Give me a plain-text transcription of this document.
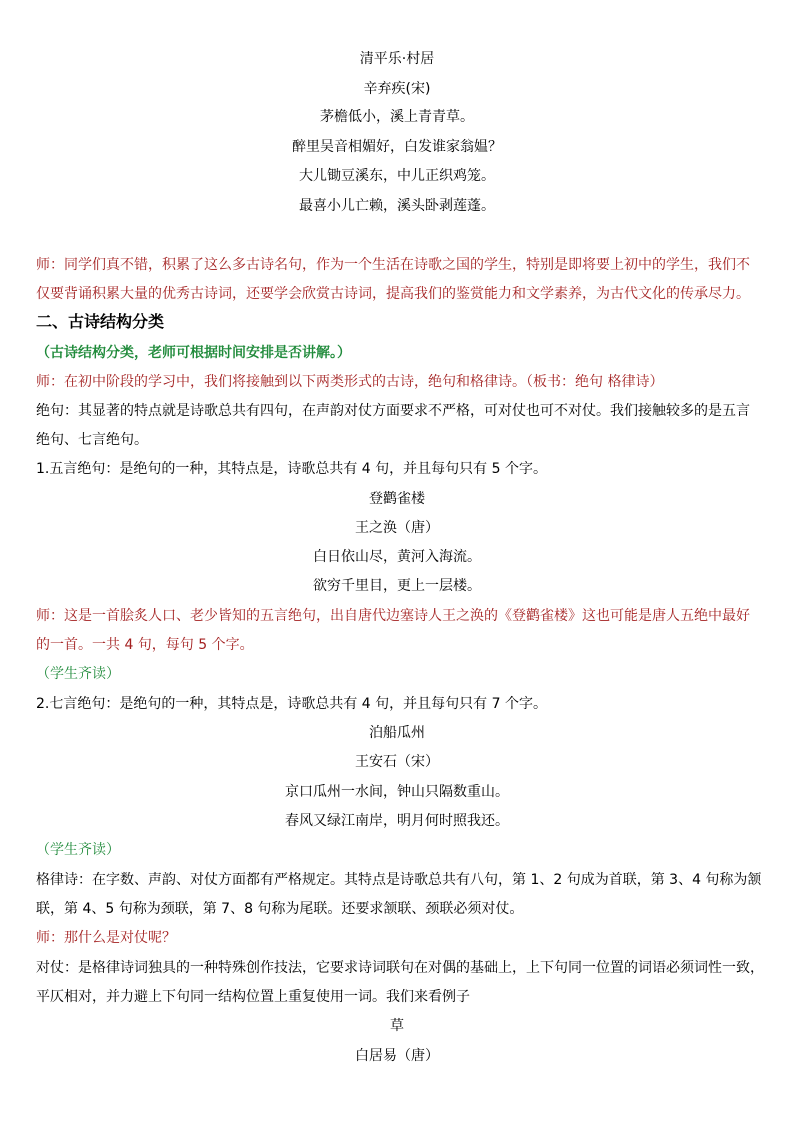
清平乐·村居
辛弃疾(宋)
茅檐低小，溪上青青草。
醉里吴音相媚好，白发谁家翁媪？
大儿锄豆溪东，中儿正织鸡笼。
最喜小儿亡赖，溪头卧剥莲蓬。
师：同学们真不错，积累了这么多古诗名句，作为一个生活在诗歌之国的学生，特别是即将要上初中的学生，我们不
仅要背诵积累大量的优秀古诗词，还要学会欣赏古诗词，提高我们的鉴赏能力和文学素养，为古代文化的传承尽力。
二、古诗结构分类
（古诗结构分类，老师可根据时间安排是否讲解。）
师：在初中阶段的学习中，我们将接触到以下两类形式的古诗，绝句和格律诗。（板书：绝句 格律诗）
绝句：其显著的特点就是诗歌总共有四句，在声韵对仗方面要求不严格，可对仗也可不对仗。我们接触较多的是五言
绝句、七言绝句。
1.五言绝句：是绝句的一种，其特点是，诗歌总共有 4 句，并且每句只有 5 个字。
登鹳雀楼
王之涣（唐）
白日依山尽，黄河入海流。
欲穷千里目，更上一层楼。
师：这是一首脍炙人口、老少皆知的五言绝句，出自唐代边塞诗人王之涣的《登鹳雀楼》这也可能是唐人五绝中最好
的一首。一共 4 句，每句 5 个字。
（学生齐读）
2.七言绝句：是绝句的一种，其特点是，诗歌总共有 4 句，并且每句只有 7 个字。
泊船瓜州
王安石（宋）
京口瓜州一水间，钟山只隔数重山。
春风又绿江南岸，明月何时照我还。
（学生齐读）
格律诗：在字数、声韵、对仗方面都有严格规定。其特点是诗歌总共有八句，第 1、2 句成为首联，第 3、4 句称为颔
联，第 4、5 句称为颈联，第 7、8 句称为尾联。还要求颔联、颈联必须对仗。
师：那什么是对仗呢？
对仗：是格律诗词独具的一种特殊创作技法，它要求诗词联句在对偶的基础上，上下句同一位置的词语必须词性一致，
平仄相对，并力避上下句同一结构位置上重复使用一词。我们来看例子
草
白居易（唐）
